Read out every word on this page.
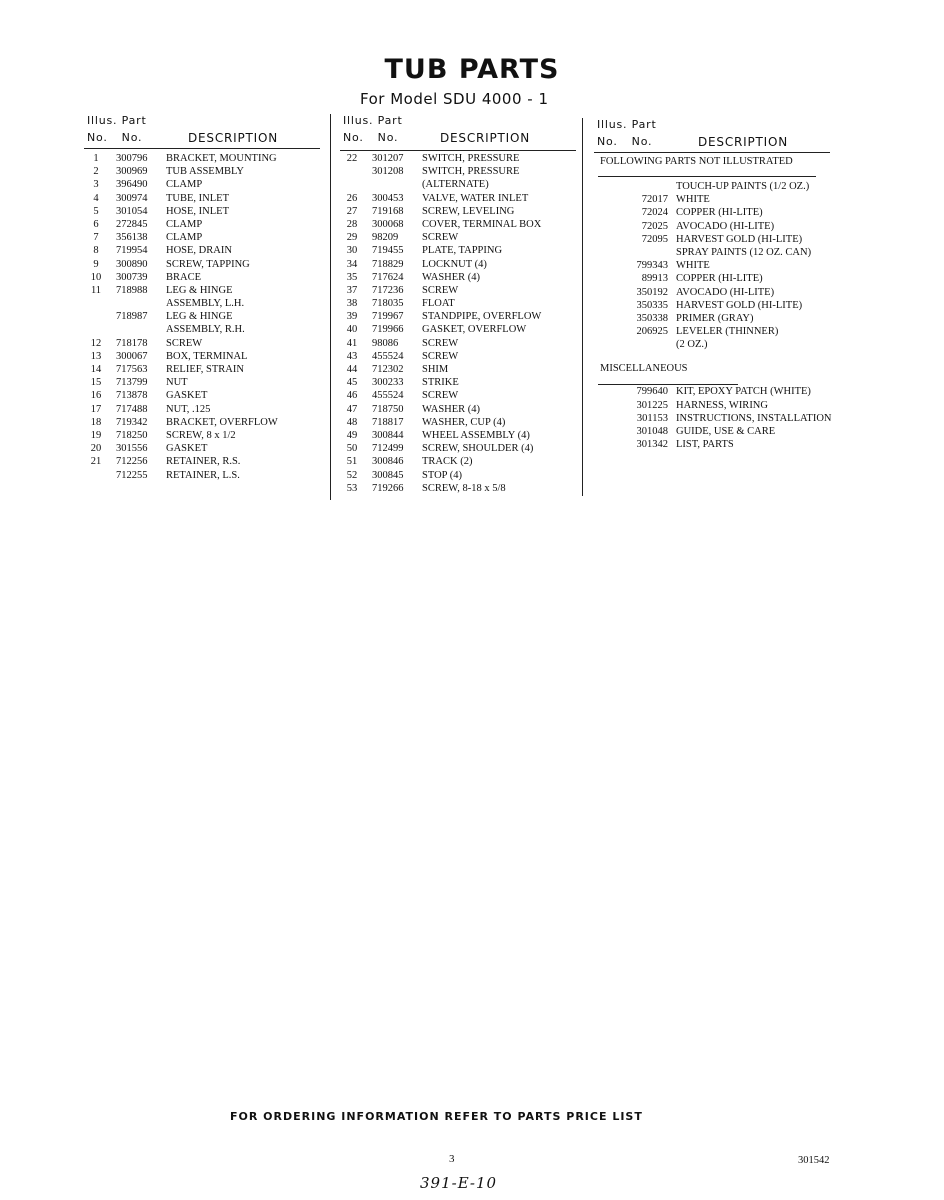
TUB PARTS
For Model SDU 4000 - 1
Illus. Part
No. No.	DESCRIPTION
1	300796 BRACKET, MOUNTING
2	300969 TUB ASSEMBLY
3	396490 CLAMP
4	300974 TUBE, INLET
5	301054 HOSE, INLET
6	272845 CLAMP
7	356138 CLAMP
8	719954 HOSE, DRAIN
9	300890 SCREW, TAPPING
10	300739 BRACE
11	718988 LEG & HINGE
ASSEMBLY, L.H.
718987 LEG & HINGE
ASSEMBLY, R.H.
12	718178 SCREW
13	300067 BOX, TERMINAL
14	717563 RELIEF, STRAIN
15	713799 NUT
16	713878 GASKET
17	717488 NUT, .125
18	719342 BRACKET, OVERFLOW
19	718250 SCREW, 8 x 1/2
20	301556 GASKET
21	712256 RETAINER, R.S.
712255 RETAINER, L.S.
Illus. Part
No. No.	DESCRIPTION
22	301207 SWITCH, PRESSURE
301208 SWITCH, PRESSURE
(ALTERNATE)
26	300453 VALVE, WATER INLET
27	719168 SCREW, LEVELING
28	300068 COVER, TERMINAL BOX
29	98209 SCREW
30	719455 PLATE, TAPPING
34	718829 LOCKNUT (4)
35	717624 WASHER (4)
37	717236 SCREW
38	718035 FLOAT
39	719967 STANDPIPE, OVERFLOW
40	719966 GASKET, OVERFLOW
41	98086 SCREW
43	455524 SCREW
44	712302 SHIM
45	300233 STRIKE
46	455524 SCREW
47	718750 WASHER (4)
48	718817 WASHER, CUP (4)
49	300844 WHEEL ASSEMBLY (4)
50	712499 SCREW, SHOULDER (4)
51	300846 TRACK (2)
52	300845 STOP (4)
53	719266 SCREW, 8-18 x 5/8
Illus. Part
No. No.	DESCRIPTION
FOLLOWING PARTS NOT ILLUSTRATED
TOUCH-UP PAINTS (1/2 OZ.)
72017 WHITE
72024 COPPER (HI-LITE)
72025 AVOCADO (HI-LITE)
72095 HARVEST GOLD (HI-LITE)
SPRAY PAINTS (12 OZ. CAN)
799343 WHITE
89913 COPPER (HI-LITE)
350192 AVOCADO (HI-LITE)
350335 HARVEST GOLD (HI-LITE)
350338 PRIMER (GRAY)
206925 LEVELER (THINNER)
(2 OZ.)
MISCELLANEOUS
799640 KIT, EPOXY PATCH (WHITE)
301225 HARNESS, WIRING
301153 INSTRUCTIONS, INSTALLATION
301048 GUIDE, USE & CARE
301342 LIST, PARTS
FOR ORDERING INFORMATION REFER TO PARTS PRICE LIST
3	301542
391-E-10
